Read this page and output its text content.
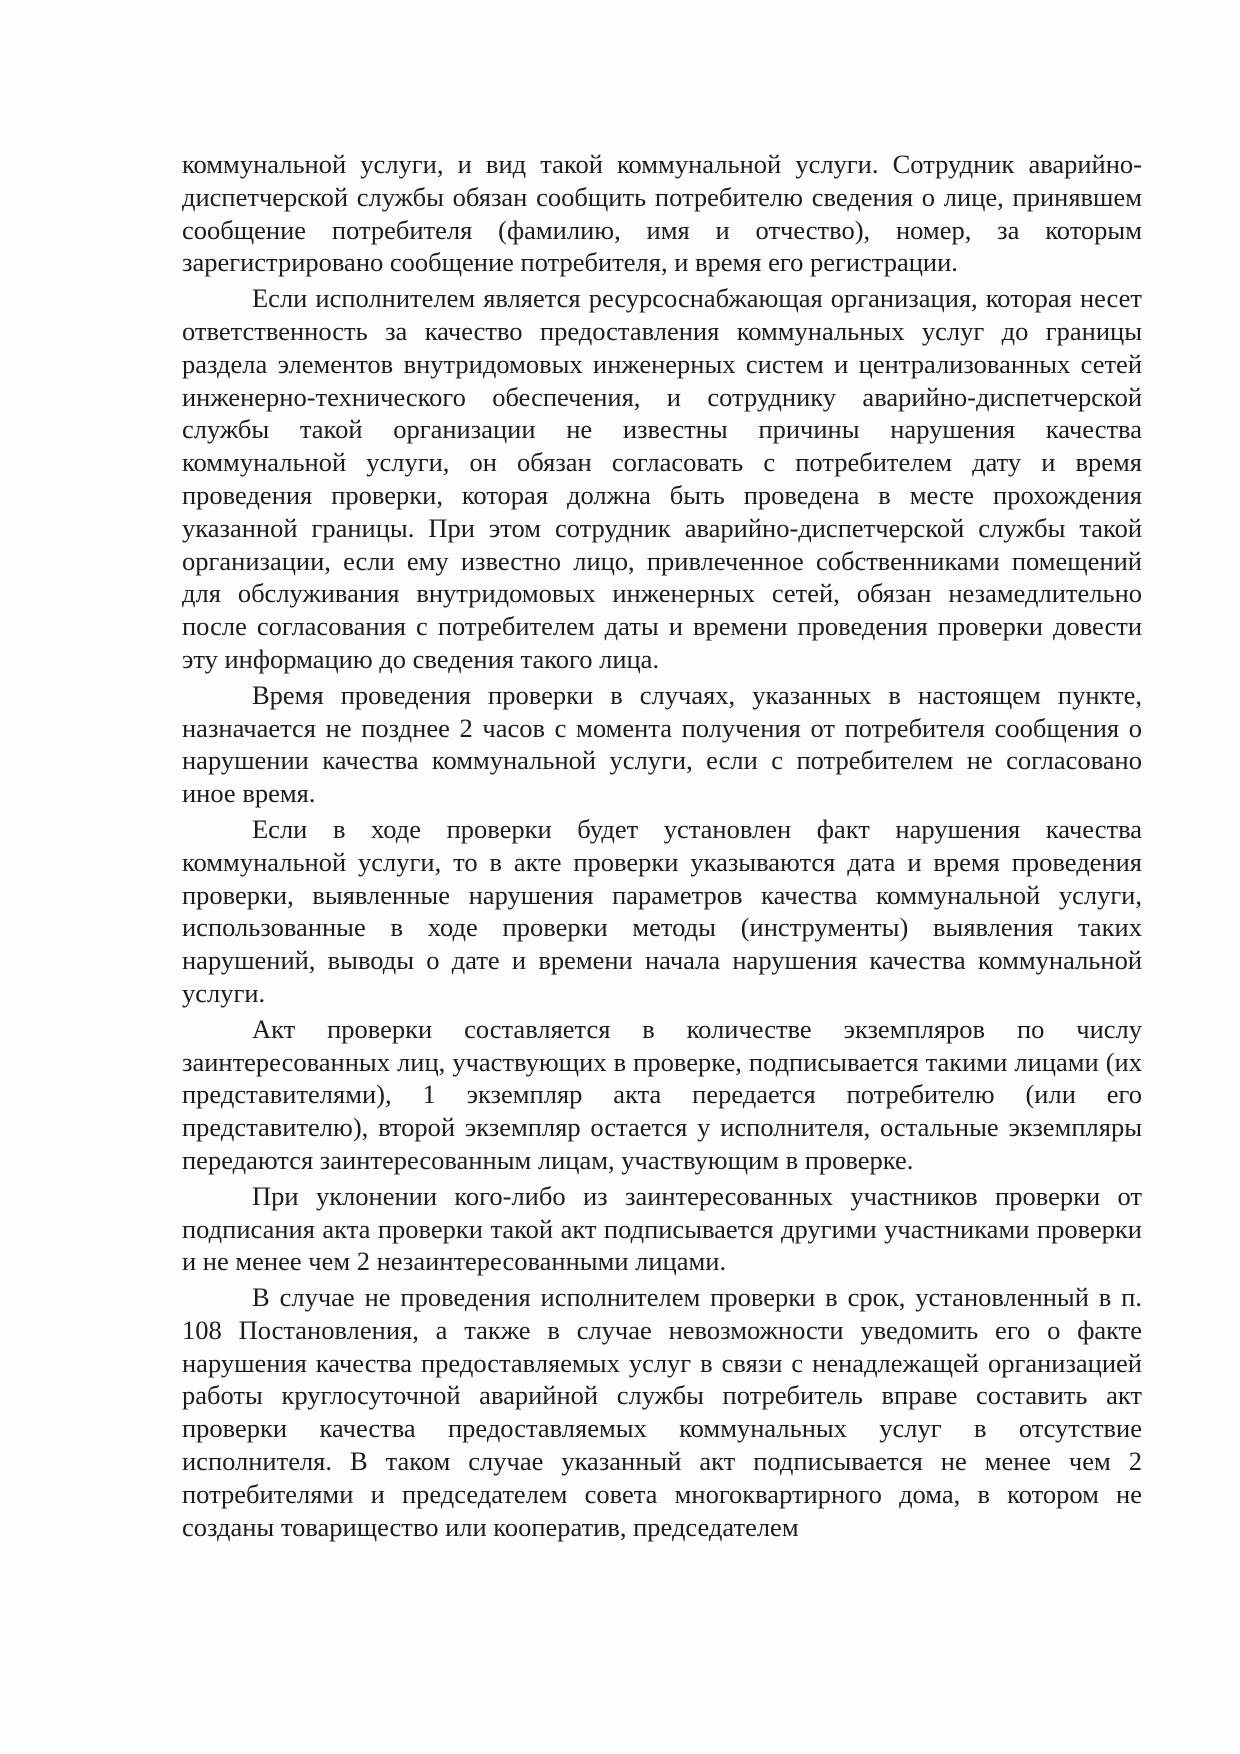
коммунальной услуги, и вид такой коммунальной услуги. Сотрудник аварийно-диспетчерской службы обязан сообщить потребителю сведения о лице, принявшем сообщение потребителя (фамилию, имя и отчество), номер, за которым зарегистрировано сообщение потребителя, и время его регистрации.

Если исполнителем является ресурсоснабжающая организация, которая несет ответственность за качество предоставления коммунальных услуг до границы раздела элементов внутридомовых инженерных систем и централизованных сетей инженерно-технического обеспечения, и сотруднику аварийно-диспетчерской службы такой организации не известны причины нарушения качества коммунальной услуги, он обязан согласовать с потребителем дату и время проведения проверки, которая должна быть проведена в месте прохождения указанной границы. При этом сотрудник аварийно-диспетчерской службы такой организации, если ему известно лицо, привлеченное собственниками помещений для обслуживания внутридомовых инженерных сетей, обязан незамедлительно после согласования с потребителем даты и времени проведения проверки довести эту информацию до сведения такого лица.

Время проведения проверки в случаях, указанных в настоящем пункте, назначается не позднее 2 часов с момента получения от потребителя сообщения о нарушении качества коммунальной услуги, если с потребителем не согласовано иное время.

Если в ходе проверки будет установлен факт нарушения качества коммунальной услуги, то в акте проверки указываются дата и время проведения проверки, выявленные нарушения параметров качества коммунальной услуги, использованные в ходе проверки методы (инструменты) выявления таких нарушений, выводы о дате и времени начала нарушения качества коммунальной услуги.

Акт проверки составляется в количестве экземпляров по числу заинтересованных лиц, участвующих в проверке, подписывается такими лицами (их представителями), 1 экземпляр акта передается потребителю (или его представителю), второй экземпляр остается у исполнителя, остальные экземпляры передаются заинтересованным лицам, участвующим в проверке.

При уклонении кого-либо из заинтересованных участников проверки от подписания акта проверки такой акт подписывается другими участниками проверки и не менее чем 2 незаинтересованными лицами.

В случае не проведения исполнителем проверки в срок, установленный в п. 108 Постановления, а также в случае невозможности уведомить его о факте нарушения качества предоставляемых услуг в связи с ненадлежащей организацией работы круглосуточной аварийной службы потребитель вправе составить акт проверки качества предоставляемых коммунальных услуг в отсутствие исполнителя. В таком случае указанный акт подписывается не менее чем 2 потребителями и председателем совета многоквартирного дома, в котором не созданы товарищество или кооператив, председателем
